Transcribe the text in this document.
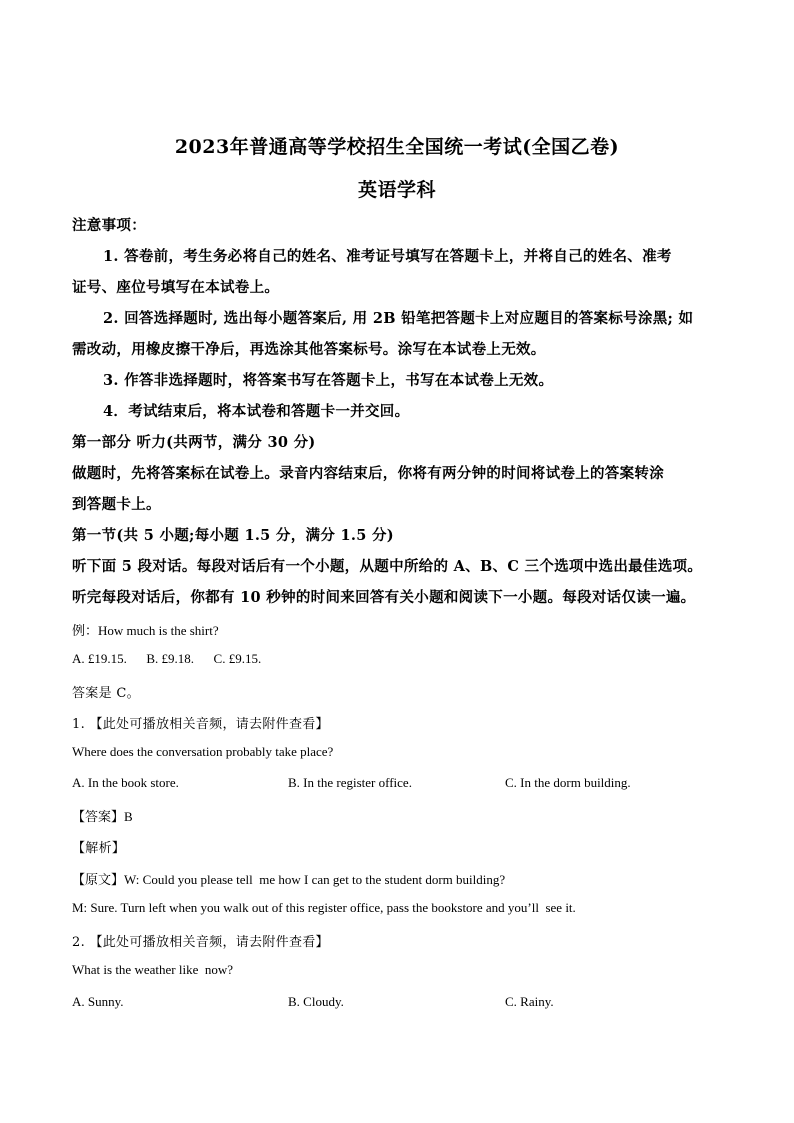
2023年普通高等学校招生全国统一考试(全国乙卷)
英语学科
注意事项：
1. 答卷前，考生务必将自己的姓名、准考证号填写在答题卡上，并将自己的姓名、准考
证号、座位号填写在本试卷上。
2. 回答选择题时, 选出每小题答案后, 用 2B 铅笔把答题卡上对应题目的答案标号涂黑; 如
需改动，用橡皮擦干净后，再选涂其他答案标号。涂写在本试卷上无效。
3. 作答非选择题时，将答案书写在答题卡上，书写在本试卷上无效。
4．考试结束后，将本试卷和答题卡一并交回。
第一部分 听力(共两节，满分 30 分)
做题时，先将答案标在试卷上。录音内容结束后，你将有两分钟的时间将试卷上的答案转涂
到答题卡上。
第一节(共 5 小题;每小题 1.5 分，满分 1.5 分)
听下面 5 段对话。每段对话后有一个小题，从题中所给的 A、B、C 三个选项中选出最佳选项。
听完每段对话后，你都有 10 秒钟的时间来回答有关小题和阅读下一小题。每段对话仅读一遍。
例：How much is the shirt?
A. £19.15.      B. £9.18.      C. £9.15.
答案是 C。
1. 【此处可播放相关音频，请去附件查看】
Where does the conversation probably take place?
A. In the book store.	B. In the register office.	C. In the dorm building.
【答案】B
【解析】
【原文】W: Could you please tell  me how I can get to the student dorm building?
M: Sure. Turn left when you walk out of this register office, pass the bookstore and you’ll  see it.
2. 【此处可播放相关音频，请去附件查看】
What is the weather like  now?
A. Sunny.	B. Cloudy.	C. Rainy.
